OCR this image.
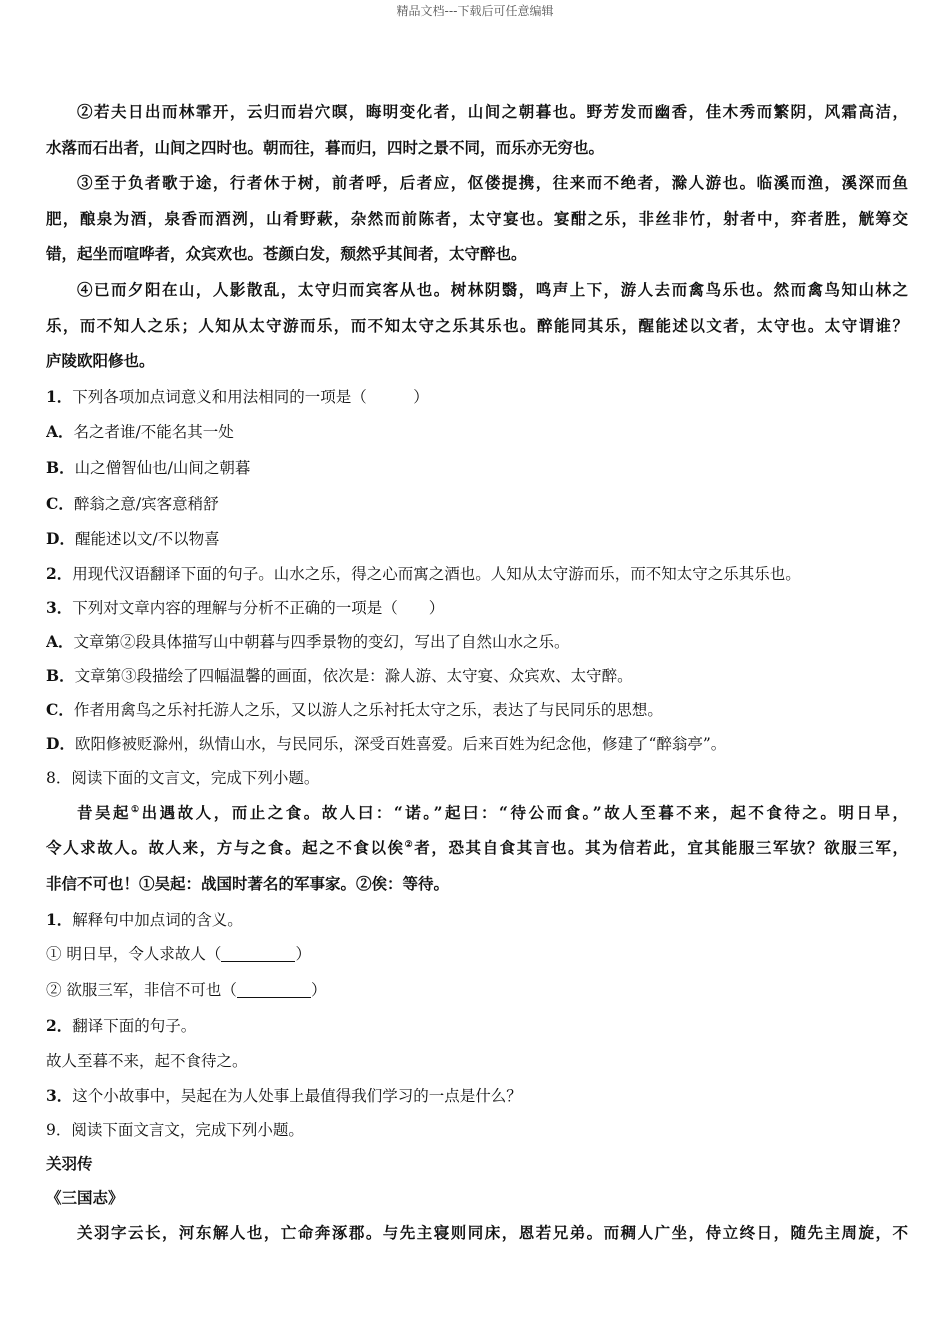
精品文档---下载后可任意编辑
②若夫日出而林霏开，云归而岩穴暝，晦明变化者，山间之朝暮也。野芳发而幽香，佳木秀而繁阴，风霜高洁，
水落而石出者，山间之四时也。朝而往，暮而归，四时之景不同，而乐亦无穷也。
③至于负者歌于途，行者休于树，前者呼，后者应，伛偻提携，往来而不绝者，滁人游也。临溪而渔，溪深而鱼
肥，酿泉为酒，泉香而酒洌，山肴野蔌，杂然而前陈者，太守宴也。宴酣之乐，非丝非竹，射者中，弈者胜，觥筹交
错，起坐而喧哗者，众宾欢也。苍颜白发，颓然乎其间者，太守醉也。
④已而夕阳在山，人影散乱，太守归而宾客从也。树林阴翳，鸣声上下，游人去而禽鸟乐也。然而禽鸟知山林之
乐，而不知人之乐；人知从太守游而乐，而不知太守之乐其乐也。醉能同其乐，醒能述以文者，太守也。太守谓谁？
庐陵欧阳修也。
1．下列各项加点词意义和用法相同的一项是（　　　）
A．名之者谁/不能名其一处
B．山之僧智仙也/山间之朝暮
C．醉翁之意/宾客意稍舒
D．醒能述以文/不以物喜
2．用现代汉语翻译下面的句子。山水之乐，得之心而寓之酒也。人知从太守游而乐，而不知太守之乐其乐也。
3．下列对文章内容的理解与分析不正确的一项是（　　）
A．文章第②段具体描写山中朝暮与四季景物的变幻，写出了自然山水之乐。
B．文章第③段描绘了四幅温馨的画面，依次是：滁人游、太守宴、众宾欢、太守醉。
C．作者用禽鸟之乐衬托游人之乐，又以游人之乐衬托太守之乐，表达了与民同乐的思想。
D．欧阳修被贬滁州，纵情山水，与民同乐，深受百姓喜爱。后来百姓为纪念他，修建了“醉翁亭”。
8．阅读下面的文言文，完成下列小题。
昔吴起①出遇故人，而止之食。故人曰：“诺。”起曰：“待公而食。”故人至暮不来，起不食待之。明日早，
令人求故人。故人来，方与之食。起之不食以俟②者，恐其自食其言也。其为信若此，宜其能服三军欤？欲服三军，
非信不可也！①吴起：战国时著名的军事家。②俟：等待。
1．解释句中加点词的含义。
① 明日早，令人求故人（	）
② 欲服三军，非信不可也（	）
2．翻译下面的句子。
故人至暮不来，起不食待之。
3．这个小故事中，吴起在为人处事上最值得我们学习的一点是什么？
9．阅读下面文言文，完成下列小题。
关羽传
《三国志》
关羽字云长，河东解人也，亡命奔涿郡。与先主寝则同床，恩若兄弟。而稠人广坐，侍立终日，随先主周旋，不
